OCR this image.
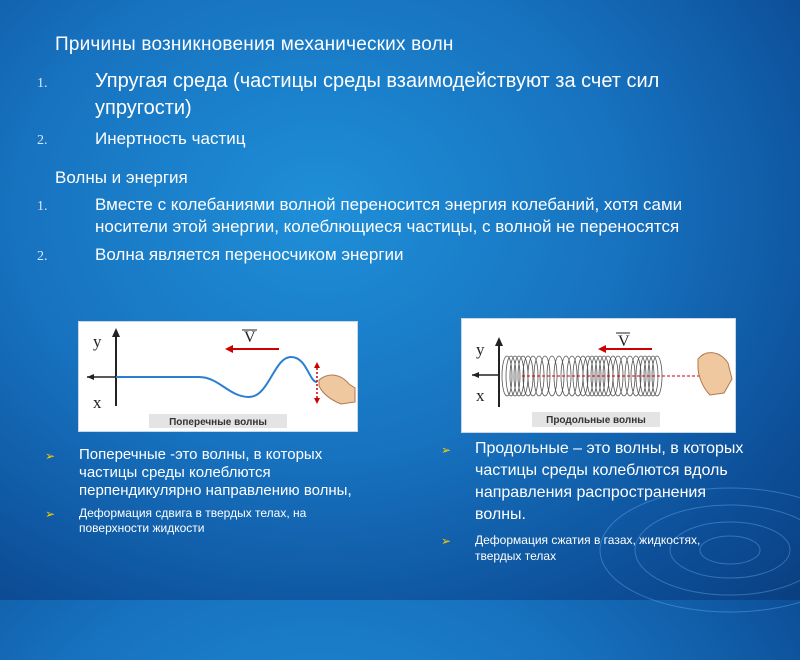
Причины возникновения механических волн
1. Упругая среда (частицы среды взаимодействуют за счет сил упругости)
2.	Инертность частиц
Волны и энергия
1.	Вместе с колебаниями волной переносится энергия колебаний, хотя сами носители этой энергии, колеблющиеся частицы, с волной не переносятся
2.	Волна является переносчиком энергии
y
x
V
Поперечные волны
y
x
V
Продольные волны
➢ Поперечные -это волны, в которых частицы среды колеблются перпендикулярно направлению волны,
➢ Деформация сдвига в твердых телах, на поверхности жидкости
➢ Продольные – это волны, в которых частицы среды колеблются вдоль направления распространения волны.
➢ Деформация сжатия в газах, жидкостях, твердых телах
